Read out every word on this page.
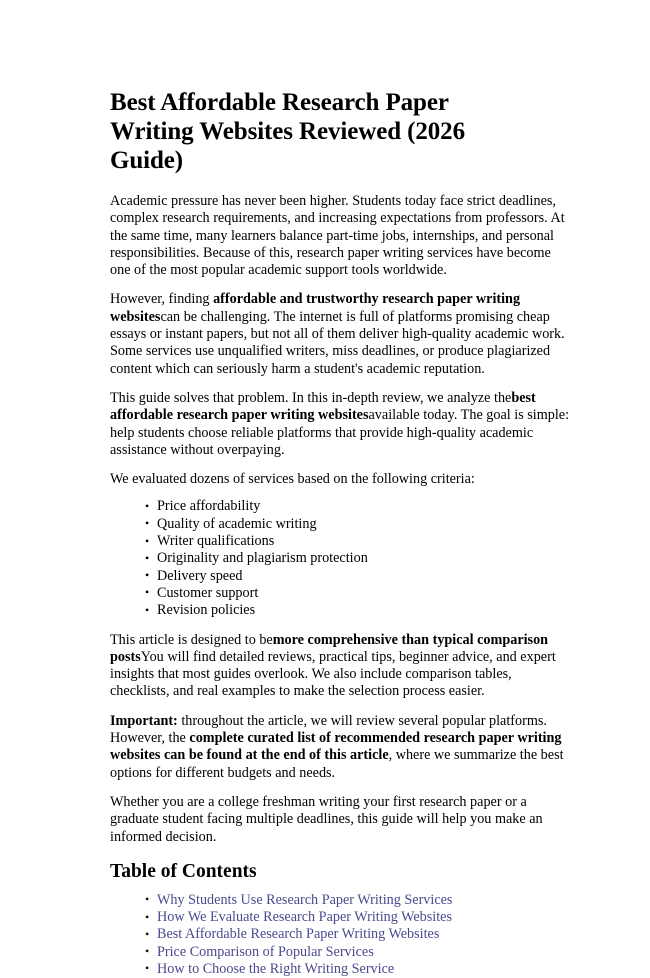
Best Affordable Research Paper Writing Websites Reviewed (2026 Guide)

Academic pressure has never been higher. Students today face strict deadlines, complex research requirements, and increasing expectations from professors. At the same time, many learners balance part-time jobs, internships, and personal responsibilities. Because of this, research paper writing services have become one of the most popular academic support tools worldwide.

However, finding affordable and trustworthy research paper writing websitescan be challenging. The internet is full of platforms promising cheap essays or instant papers, but not all of them deliver high-quality academic work. Some services use unqualified writers, miss deadlines, or produce plagiarized content which can seriously harm a student's academic reputation.

This guide solves that problem. In this in-depth review, we analyze thebest affordable research paper writing websitesavailable today. The goal is simple: help students choose reliable platforms that provide high-quality academic assistance without overpaying.

We evaluated dozens of services based on the following criteria:

• Price affordability
• Quality of academic writing
• Writer qualifications
• Originality and plagiarism protection
• Delivery speed
• Customer support
• Revision policies

This article is designed to bemore comprehensive than typical comparison postsYou will find detailed reviews, practical tips, beginner advice, and expert insights that most guides overlook. We also include comparison tables, checklists, and real examples to make the selection process easier.

Important: throughout the article, we will review several popular platforms. However, the complete curated list of recommended research paper writing websites can be found at the end of this article, where we summarize the best options for different budgets and needs.

Whether you are a college freshman writing your first research paper or a graduate student facing multiple deadlines, this guide will help you make an informed decision.

Table of Contents
• Why Students Use Research Paper Writing Services
• How We Evaluate Research Paper Writing Websites
• Best Affordable Research Paper Writing Websites
• Price Comparison of Popular Services
• How to Choose the Right Writing Service
